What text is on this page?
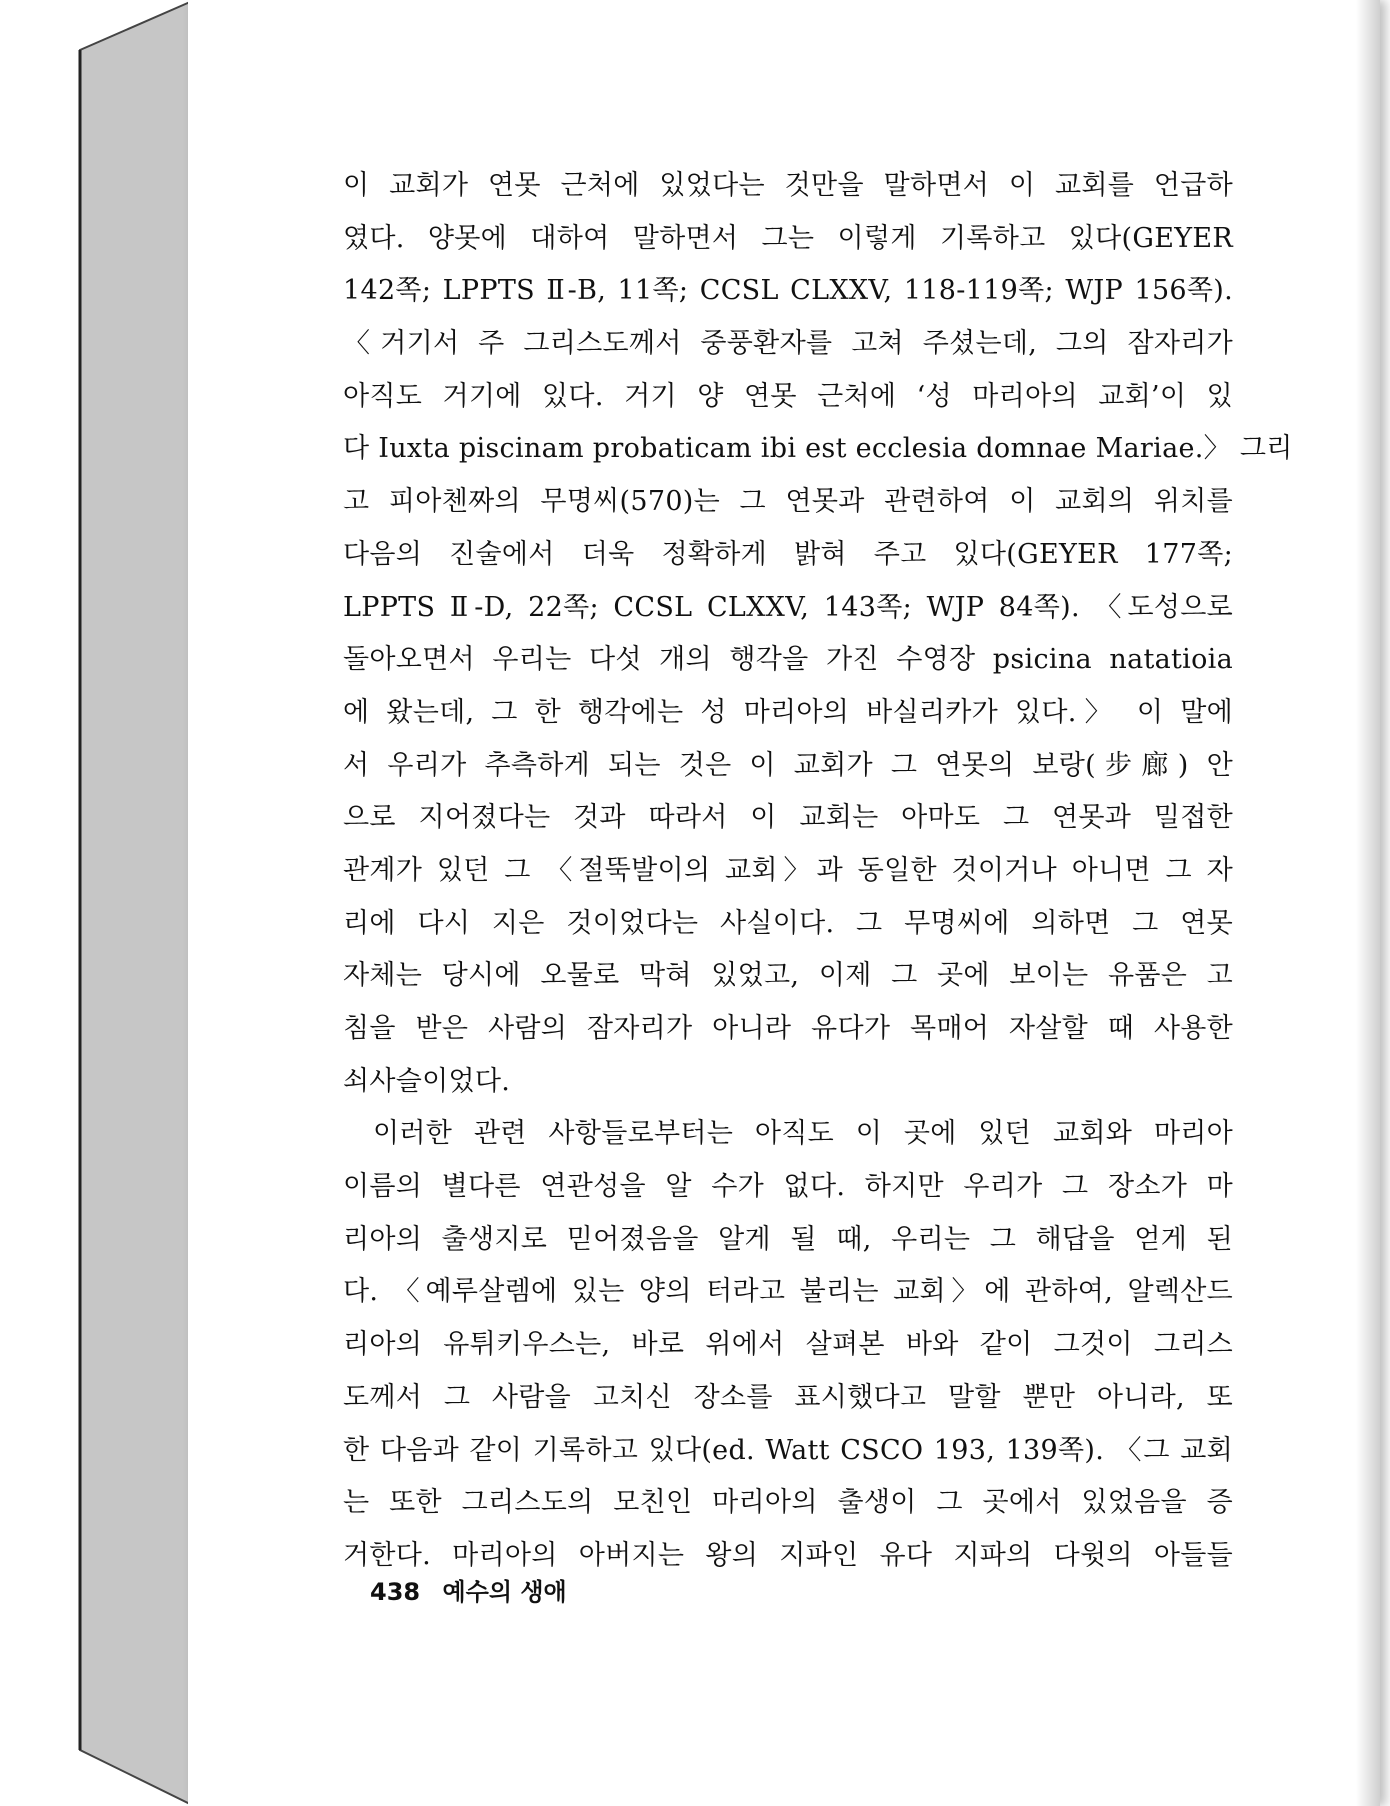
이 교회가 연못 근처에 있었다는 것만을 말하면서 이 교회를 언급하
였다. 양못에 대하여 말하면서 그는 이렇게 기록하고 있다(GEYER
142쪽; LPPTS Ⅱ-B, 11쪽; CCSL CLXXV, 118-119쪽; WJP 156쪽).
〈거기서 주 그리스도께서 중풍환자를 고쳐 주셨는데, 그의 잠자리가
아직도 거기에 있다. 거기 양 연못 근처에 ‘성 마리아의 교회’이 있
다 Iuxta piscinam probaticam ibi est ecclesia domnae Mariae.〉 그리
고 피아첸짜의 무명씨(570)는 그 연못과 관련하여 이 교회의 위치를
다음의 진술에서 더욱 정확하게 밝혀 주고 있다(GEYER 177쪽;
LPPTS Ⅱ-D, 22쪽; CCSL CLXXV, 143쪽; WJP 84쪽). 〈도성으로
돌아오면서 우리는 다섯 개의 행각을 가진 수영장 psicina natatioia
에 왔는데, 그 한 행각에는 성 마리아의 바실리카가 있다.〉 이 말에
서 우리가 추측하게 되는 것은 이 교회가 그 연못의 보랑(步廊) 안
으로 지어졌다는 것과 따라서 이 교회는 아마도 그 연못과 밀접한
관계가 있던 그 〈절뚝발이의 교회〉과 동일한 것이거나 아니면 그 자
리에 다시 지은 것이었다는 사실이다. 그 무명씨에 의하면 그 연못
자체는 당시에 오물로 막혀 있었고, 이제 그 곳에 보이는 유품은 고
침을 받은 사람의 잠자리가 아니라 유다가 목매어 자살할 때 사용한
쇠사슬이었다.
이러한 관련 사항들로부터는 아직도 이 곳에 있던 교회와 마리아
이름의 별다른 연관성을 알 수가 없다. 하지만 우리가 그 장소가 마
리아의 출생지로 믿어졌음을 알게 될 때, 우리는 그 해답을 얻게 된
다. 〈예루살렘에 있는 양의 터라고 불리는 교회〉에 관하여, 알렉산드
리아의 유튀키우스는, 바로 위에서 살펴본 바와 같이 그것이 그리스
도께서 그 사람을 고치신 장소를 표시했다고 말할 뿐만 아니라, 또
한 다음과 같이 기록하고 있다(ed. Watt CSCO 193, 139쪽). 〈그 교회
는 또한 그리스도의 모친인 마리아의 출생이 그 곳에서 있었음을 증
거한다. 마리아의 아버지는 왕의 지파인 유다 지파의 다윗의 아들들
438 예수의 생애
